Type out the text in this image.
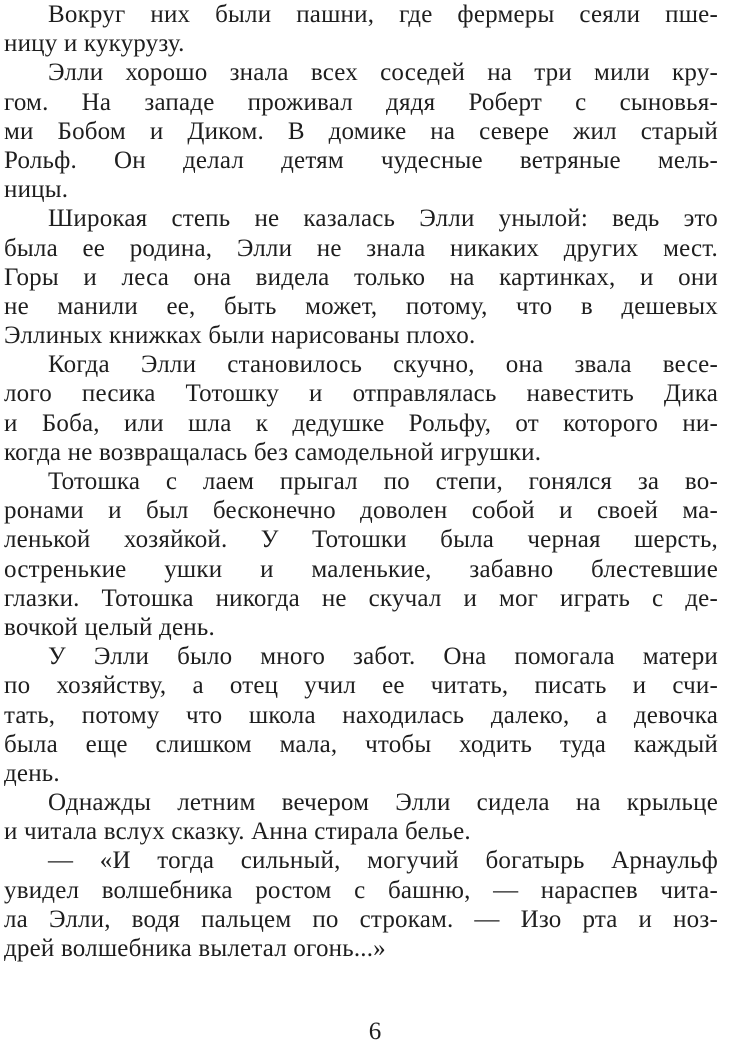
Вокруг них были пашни, где фермеры сеяли пше-
ницу и кукурузу.
Элли хорошо знала всех соседей на три мили кру-
гом. На западе проживал дядя Роберт с сыновья-
ми Бобом и Диком. В домике на севере жил старый
Рольф. Он делал детям чудесные ветряные мель-
ницы.
Широкая степь не казалась Элли унылой: ведь это
была ее родина, Элли не знала никаких других мест.
Горы и леса она видела только на картинках, и они
не манили ее, быть может, потому, что в дешевых
Эллиных книжках были нарисованы плохо.
Когда Элли становилось скучно, она звала весе-
лого песика Тотошку и отправлялась навестить Дика
и Боба, или шла к дедушке Рольфу, от которого ни-
когда не возвращалась без самодельной игрушки.
Тотошка с лаем прыгал по степи, гонялся за во-
ронами и был бесконечно доволен собой и своей ма-
ленькой хозяйкой. У Тотошки была черная шерсть,
остренькие ушки и маленькие, забавно блестевшие
глазки. Тотошка никогда не скучал и мог играть с де-
вочкой целый день.
У Элли было много забот. Она помогала матери
по хозяйству, а отец учил ее читать, писать и счи-
тать, потому что школа находилась далеко, а девочка
была еще слишком мала, чтобы ходить туда каждый
день.
Однажды летним вечером Элли сидела на крыльце
и читала вслух сказку. Анна стирала белье.
— «И тогда сильный, могучий богатырь Арнаульф
увидел волшебника ростом с башню, — нараспев чита-
ла Элли, водя пальцем по строкам. — Изо рта и ноз-
дрей волшебника вылетал огонь...»
6
